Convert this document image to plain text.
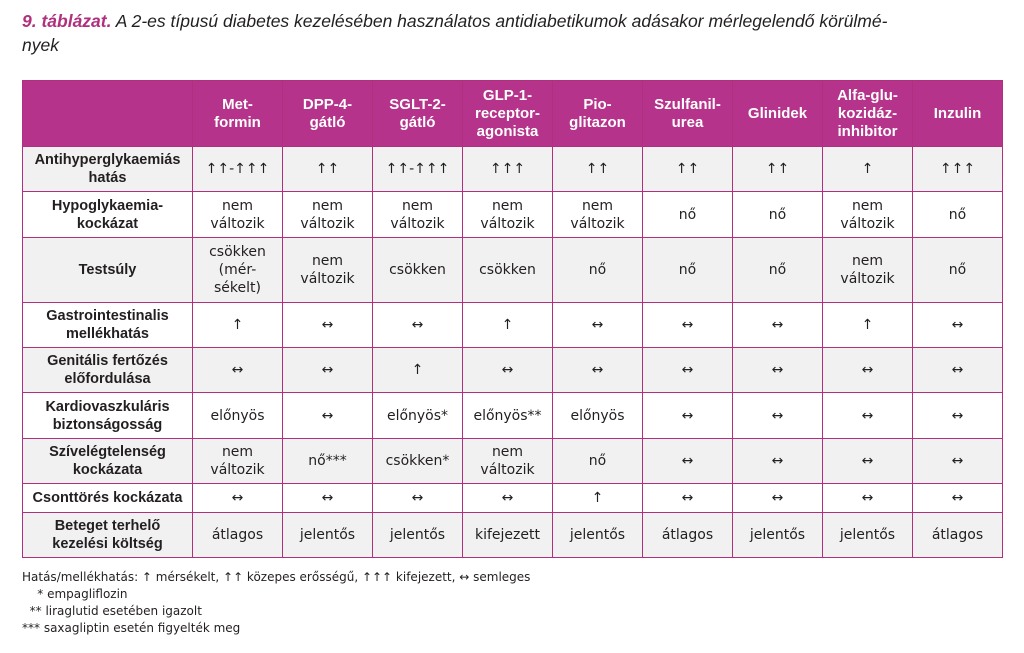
9. táblázat. A 2-es típusú diabetes kezelésében használatos antidiabetikumok adásakor mérlegelendő körülmé-
nyek
	Met-
formin	DPP-4-
gátló	SGLT-2-
gátló	GLP-1-
receptor-
agonista	Pio-
glitazon	Szulfanil-
urea	Glinidek	Alfa-glu-
kozidáz-
inhibitor	Inzulin
Antihyperglykaemiás
hatás	↑↑-↑↑↑	↑↑	↑↑-↑↑↑	↑↑↑	↑↑	↑↑	↑↑	↑	↑↑↑
Hypoglykaemia-
kockázat	nem
változik	nem
változik	nem
változik	nem
változik	nem
változik	nő	nő	nem
változik	nő
Testsúly	csökken
(mér-
sékelt)	nem
változik	csökken	csökken	nő	nő	nő	nem
változik	nő
Gastrointestinalis
mellékhatás	↑	↔	↔	↑	↔	↔	↔	↑	↔
Genitális fertőzés
előfordulása	↔	↔	↑	↔	↔	↔	↔	↔	↔
Kardiovaszkuláris
biztonságosság	előnyös	↔	előnyös*	előnyös**	előnyös	↔	↔	↔	↔
Szívelégtelenség
kockázata	nem
változik	nő***	csökken*	nem
változik	nő	↔	↔	↔	↔
Csonttörés kockázata	↔	↔	↔	↔	↑	↔	↔	↔	↔
Beteget terhelő
kezelési költség	átlagos	jelentős	jelentős	kifejezett	jelentős	átlagos	jelentős	jelentős	átlagos
Hatás/mellékhatás: ↑ mérsékelt, ↑↑ közepes erősségű, ↑↑↑ kifejezett, ↔ semleges
* empagliflozin
** liraglutid esetében igazolt
*** saxagliptin esetén figyelték meg
